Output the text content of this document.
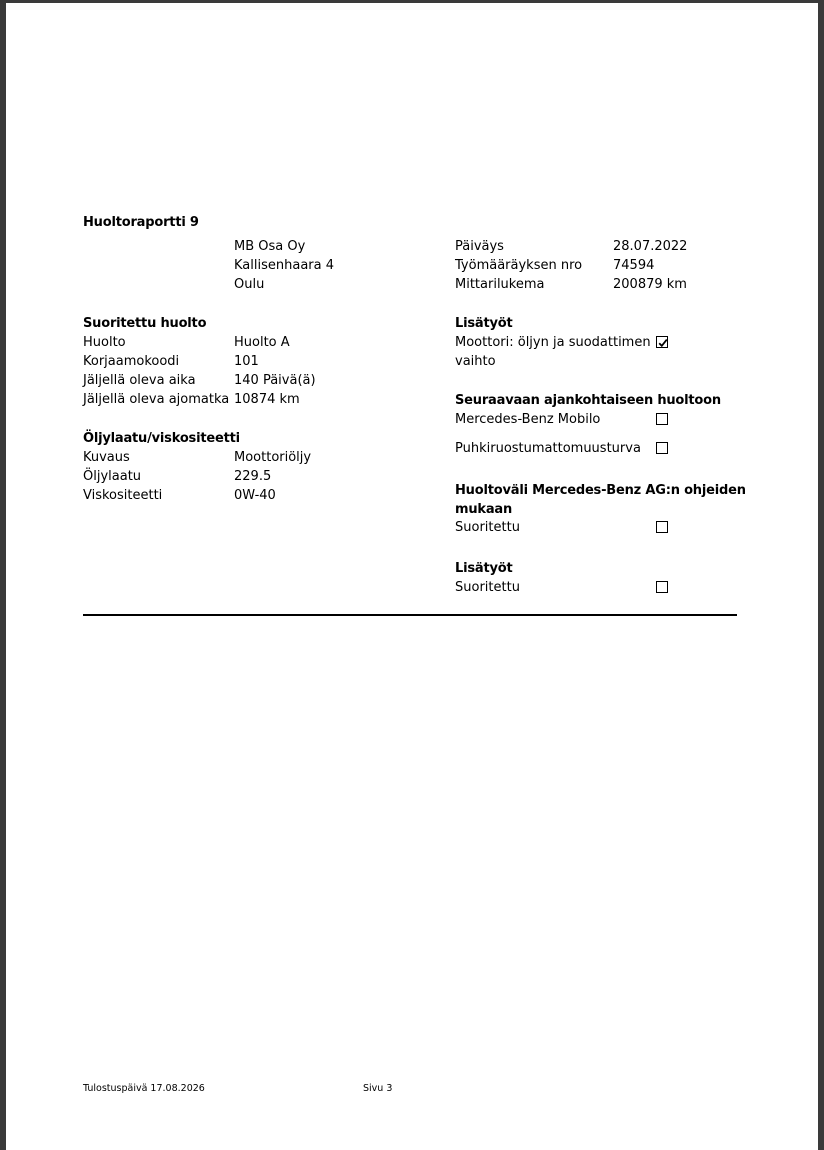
Huoltoraportti 9
MB Osa Oy
Kallisenhaara 4
Oulu
Päiväys	28.07.2022
Työmääräyksen nro 74594
Mittarilukema	200879 km
Suoritettu huolto
Huolto	Huolto A
Korjaamokoodi	101
Jäljellä oleva aika	140 Päivä(ä)
Jäljellä oleva ajomatka 10874 km
Öljylaatu/viskositeetti
Kuvaus	Moottoriöljy
Öljylaatu	229.5
Viskositeetti	0W-40
Lisätyöt
Moottori: öljyn ja suodattimen
vaihto
Seuraavaan ajankohtaiseen huoltoon
Mercedes-Benz Mobilo
Puhkiruostumattomuusturva
Huoltoväli Mercedes-Benz AG:n ohjeiden
mukaan
Suoritettu
Lisätyöt
Suoritettu
Tulostuspäivä 17.08.2026	Sivu 3
